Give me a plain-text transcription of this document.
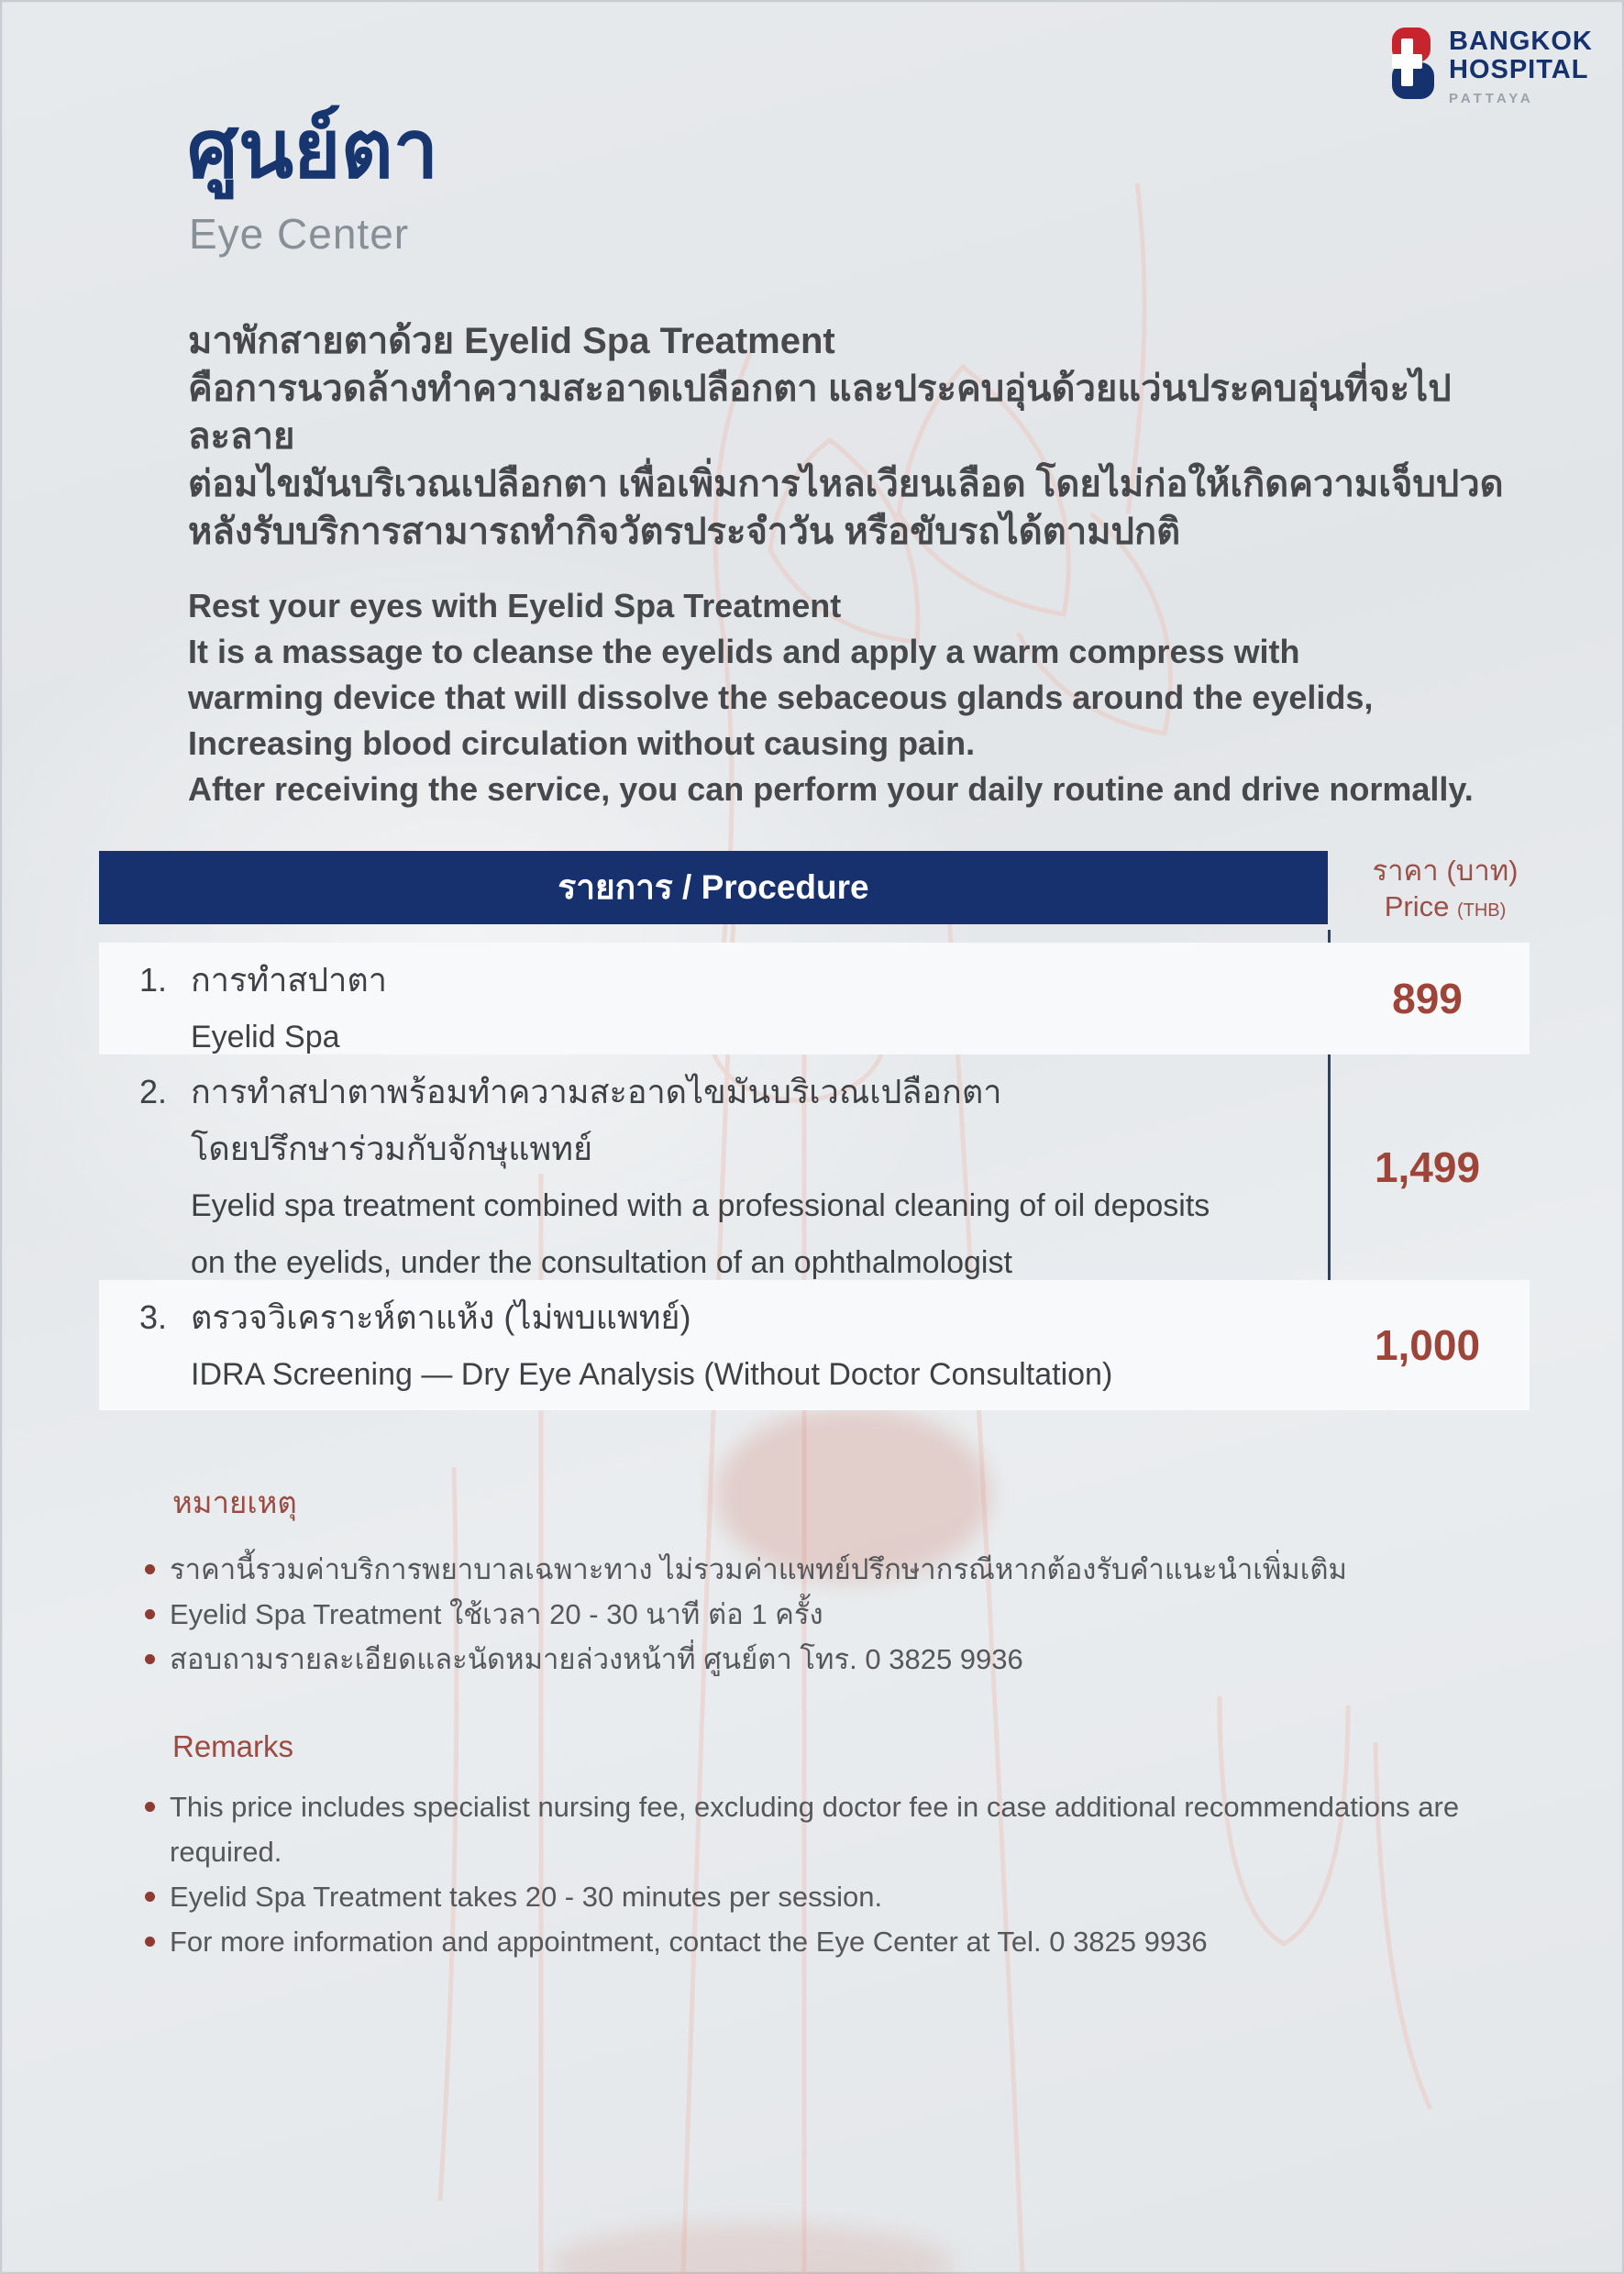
BANGKOK
HOSPITAL
PATTAYA
ศูนย์ตา
Eye Center
มาพักสายตาด้วย Eyelid Spa Treatment
คือการนวดล้างทำความสะอาดเปลือกตา และประคบอุ่นด้วยแว่นประคบอุ่นที่จะไปละลาย
ต่อมไขมันบริเวณเปลือกตา เพื่อเพิ่มการไหลเวียนเลือด โดยไม่ก่อให้เกิดความเจ็บปวด
หลังรับบริการสามารถทำกิจวัตรประจำวัน หรือขับรถได้ตามปกติ
Rest your eyes with Eyelid Spa Treatment
It is a massage to cleanse the eyelids and apply a warm compress with
warming device that will dissolve the sebaceous glands around the eyelids,
Increasing blood circulation without causing pain.
After receiving the service, you can perform your daily routine and drive normally.
รายการ / Procedure	ราคา (บาท)
Price (THB)
1. การทำสปาตา
Eyelid Spa
899
2. การทำสปาตาพร้อมทำความสะอาดไขมันบริเวณเปลือกตา
โดยปรึกษาร่วมกับจักษุแพทย์
Eyelid spa treatment combined with a professional cleaning of oil deposits
on the eyelids, under the consultation of an ophthalmologist
1,499
3. ตรวจวิเคราะห์ตาแห้ง (ไม่พบแพทย์)
IDRA Screening — Dry Eye Analysis (Without Doctor Consultation)
1,000
หมายเหตุ
ราคานี้รวมค่าบริการพยาบาลเฉพาะทาง ไม่รวมค่าแพทย์ปรึกษากรณีหากต้องรับคำแนะนำเพิ่มเติม
Eyelid Spa Treatment ใช้เวลา 20 - 30 นาที ต่อ 1 ครั้ง
สอบถามรายละเอียดและนัดหมายล่วงหน้าที่ ศูนย์ตา โทร. 0 3825 9936
Remarks
This price includes specialist nursing fee, excluding doctor fee in case additional recommendations are required.
Eyelid Spa Treatment takes 20 - 30 minutes per session.
For more information and appointment, contact the Eye Center at Tel. 0 3825 9936
